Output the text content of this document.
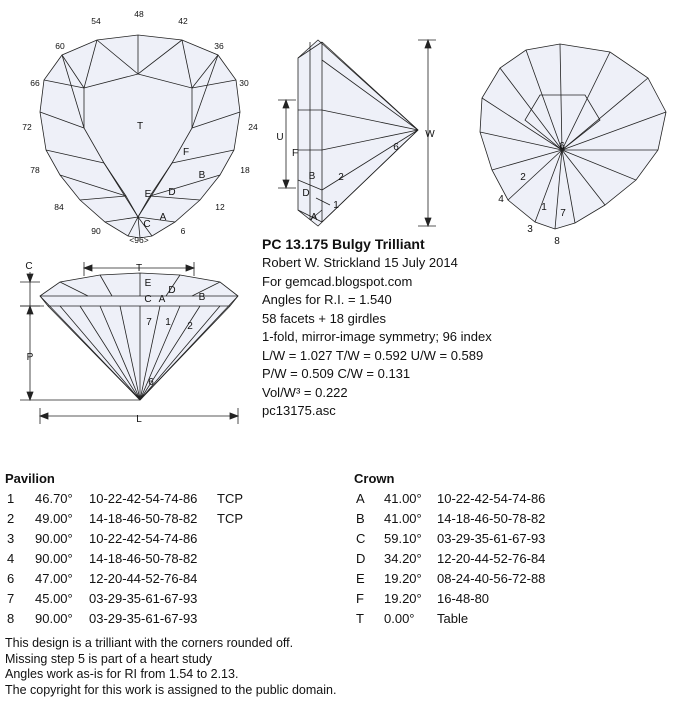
48
42
36
30
24
18
12
6
90
84
78
72
66
60
54
<96>
T
F
B
E D
C
A
U	W
F
B 2
6
D
1
A
6
2
4
1
7
3
8
C	T
P
L
E
D
C A	B
7 1 2
6
PC 13.175 Bulgy Trilliant
Robert W. Strickland 15 July 2014
For gemcad.blogspot.com
Angles for R.I. = 1.540
58 facets + 18 girdles
1-fold, mirror-image symmetry; 96 index
L/W = 1.027 T/W = 0.592 U/W = 0.589
P/W = 0.509 C/W = 0.131
Vol/W³ = 0.222
pc13175.asc
Pavilion
1 46.70° 10-22-42-54-74-86 TCP
2 49.00° 14-18-46-50-78-82 TCP
3 90.00° 10-22-42-54-74-86
4 90.00° 14-18-46-50-78-82
6 47.00° 12-20-44-52-76-84
7 45.00° 03-29-35-61-67-93
8 90.00° 03-29-35-61-67-93
Crown
A 41.00° 10-22-42-54-74-86
B 41.00° 14-18-46-50-78-82
C 59.10° 03-29-35-61-67-93
D 34.20° 12-20-44-52-76-84
E 19.20° 08-24-40-56-72-88
F 19.20° 16-48-80
T 0.00° Table
This design is a trilliant with the corners rounded off.
Missing step 5 is part of a heart study
Angles work as-is for RI from 1.54 to 2.13.
The copyright for this work is assigned to the public domain.
